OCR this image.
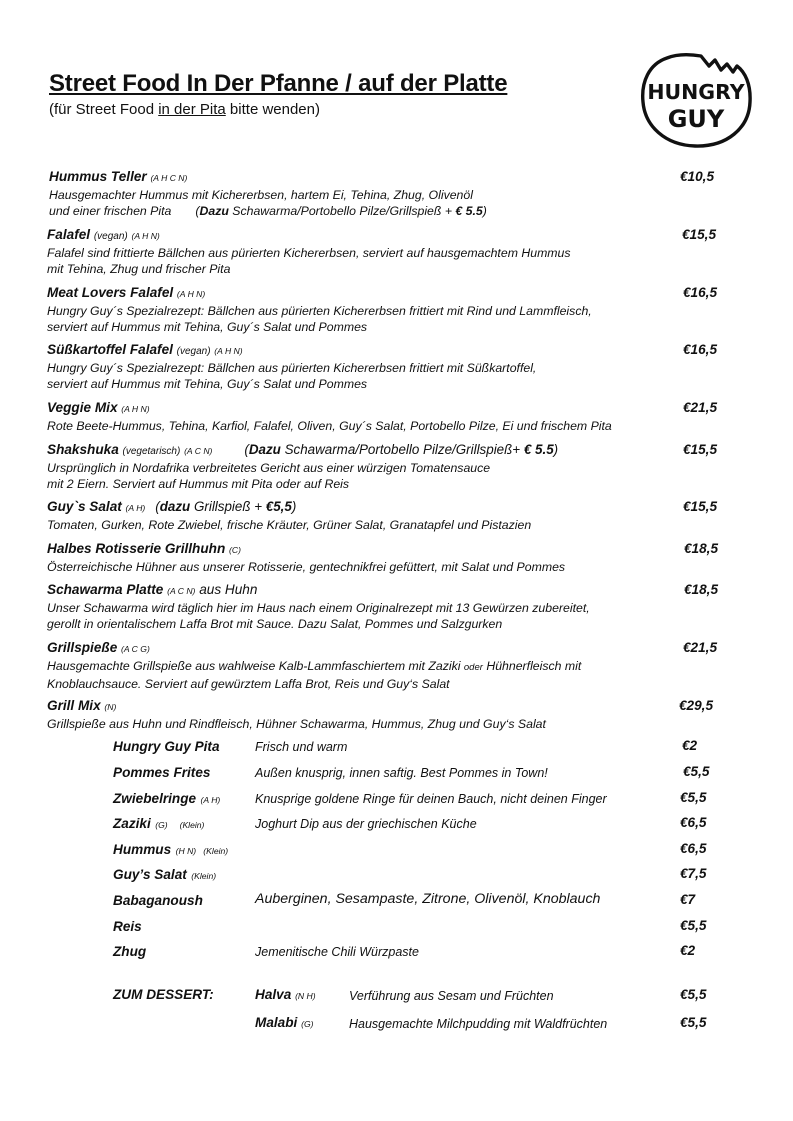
Street Food In Der Pfanne / auf der Platte
(für Street Food in der Pita bitte wenden)
HUNGRY
GUY
Hummus Teller (A H C N)
Hausgemachter Hummus mit Kichererbsen, hartem Ei, Tehina, Zhug, Olivenöl
und einer frischen Pita (Dazu Schawarma/Portobello Pilze/Grillspieß + € 5.5)
€10,5
Falafel (vegan) (A H N)
Falafel sind frittierte Bällchen aus pürierten Kichererbsen, serviert auf hausgemachtem Hummus
mit Tehina, Zhug und frischer Pita
€15,5
Meat Lovers Falafel (A H N)
Hungry Guy´s Spezialrezept: Bällchen aus pürierten Kichererbsen frittiert mit Rind und Lammfleisch,
serviert auf Hummus mit Tehina, Guy´s Salat und Pommes
€16,5
Süßkartoffel Falafel (vegan) (A H N)
Hungry Guy´s Spezialrezept: Bällchen aus pürierten Kichererbsen frittiert mit Süßkartoffel,
serviert auf Hummus mit Tehina, Guy´s Salat und Pommes
€16,5
Veggie Mix (A H N)
Rote Beete-Hummus, Tehina, Karfiol, Falafel, Oliven, Guy´s Salat, Portobello Pilze, Ei und frischem Pita
€21,5
Shakshuka (vegetarisch) (A C N) (Dazu Schawarma/Portobello Pilze/Grillspieß+ € 5.5)
Ursprünglich in Nordafrika verbreitetes Gericht aus einer würzigen Tomatensauce
mit 2 Eiern. Serviert auf Hummus mit Pita oder auf Reis
€15,5
Guy`s Salat (A H) (dazu Grillspieß + €5,5)
Tomaten, Gurken, Rote Zwiebel, frische Kräuter, Grüner Salat, Granatapfel und Pistazien
€15,5
Halbes Rotisserie Grillhuhn (C)
Österreichische Hühner aus unserer Rotisserie, gentechnikfrei gefüttert, mit Salat und Pommes
€18,5
Schawarma Platte (A C N) aus Huhn
Unser Schawarma wird täglich hier im Haus nach einem Originalrezept mit 13 Gewürzen zubereitet,
gerollt in orientalischem Laffa Brot mit Sauce. Dazu Salat, Pommes und Salzgurken
€18,5
Grillspieße (A C G)
Hausgemachte Grillspieße aus wahlweise Kalb-Lammfaschiertem mit Zaziki oder Hühnerfleisch mit
Knoblauchsauce. Serviert auf gewürztem Laffa Brot, Reis und Guy‘s Salat
€21,5
Grill Mix (N)
Grillspieße aus Huhn und Rindfleisch, Hühner Schawarma, Hummus, Zhug und Guy‘s Salat
€29,5
Hungry Guy Pita	Frisch und warm	€2
Pommes Frites	Außen knusprig, innen saftig. Best Pommes in Town!	€5,5
Zwiebelringe (A H)	Knusprige goldene Ringe für deinen Bauch, nicht deinen Finger	€5,5
Zaziki (G)     (Klein)	Joghurt Dip aus der griechischen Küche	€6,5
Hummus (H N)   (Klein)	€6,5
Guy’s Salat (Klein)	€7,5
Babaganoush	Auberginen, Sesampaste, Zitrone, Olivenöl, Knoblauch	€7
Reis	€5,5
Zhug	Jemenitische Chili Würzpaste	€2
ZUM DESSERT:	Halva (N H)	Verführung aus Sesam und Früchten	€5,5
Malabi (G)	Hausgemachte Milchpudding mit Waldfrüchten	€5,5
